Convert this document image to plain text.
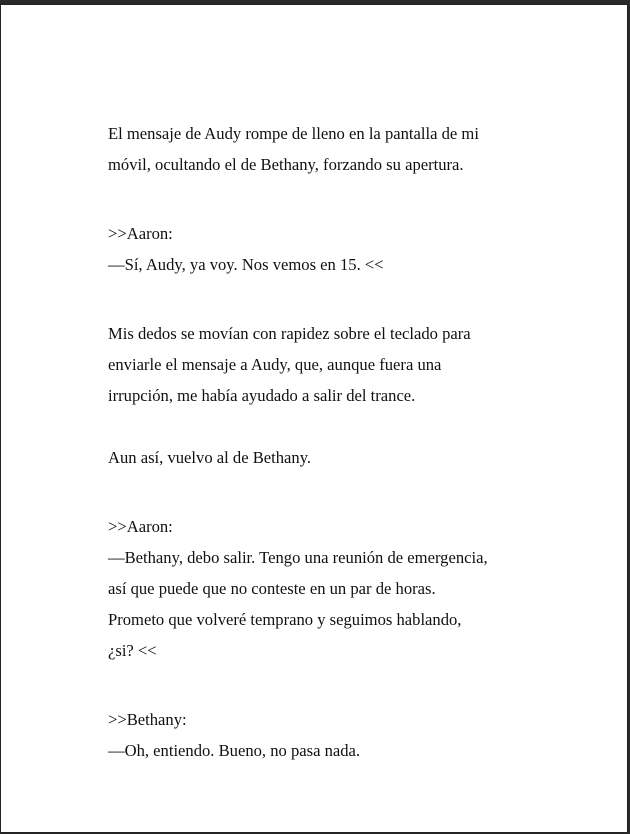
El mensaje de Audy rompe de lleno en la pantalla de mi

móvil, ocultando el de Bethany, forzando su apertura.

>>Aaron:

—Sí, Audy, ya voy. Nos vemos en 15. <<

Mis dedos se movían con rapidez sobre el teclado para

enviarle el mensaje a Audy, que, aunque fuera una

irrupción, me había ayudado a salir del trance.

Aun así, vuelvo al de Bethany.

>>Aaron:

—Bethany, debo salir. Tengo una reunión de emergencia,

así que puede que no conteste en un par de horas.

Prometo que volveré temprano y seguimos hablando,

¿si? <<

>>Bethany:

—Oh, entiendo. Bueno, no pasa nada.
